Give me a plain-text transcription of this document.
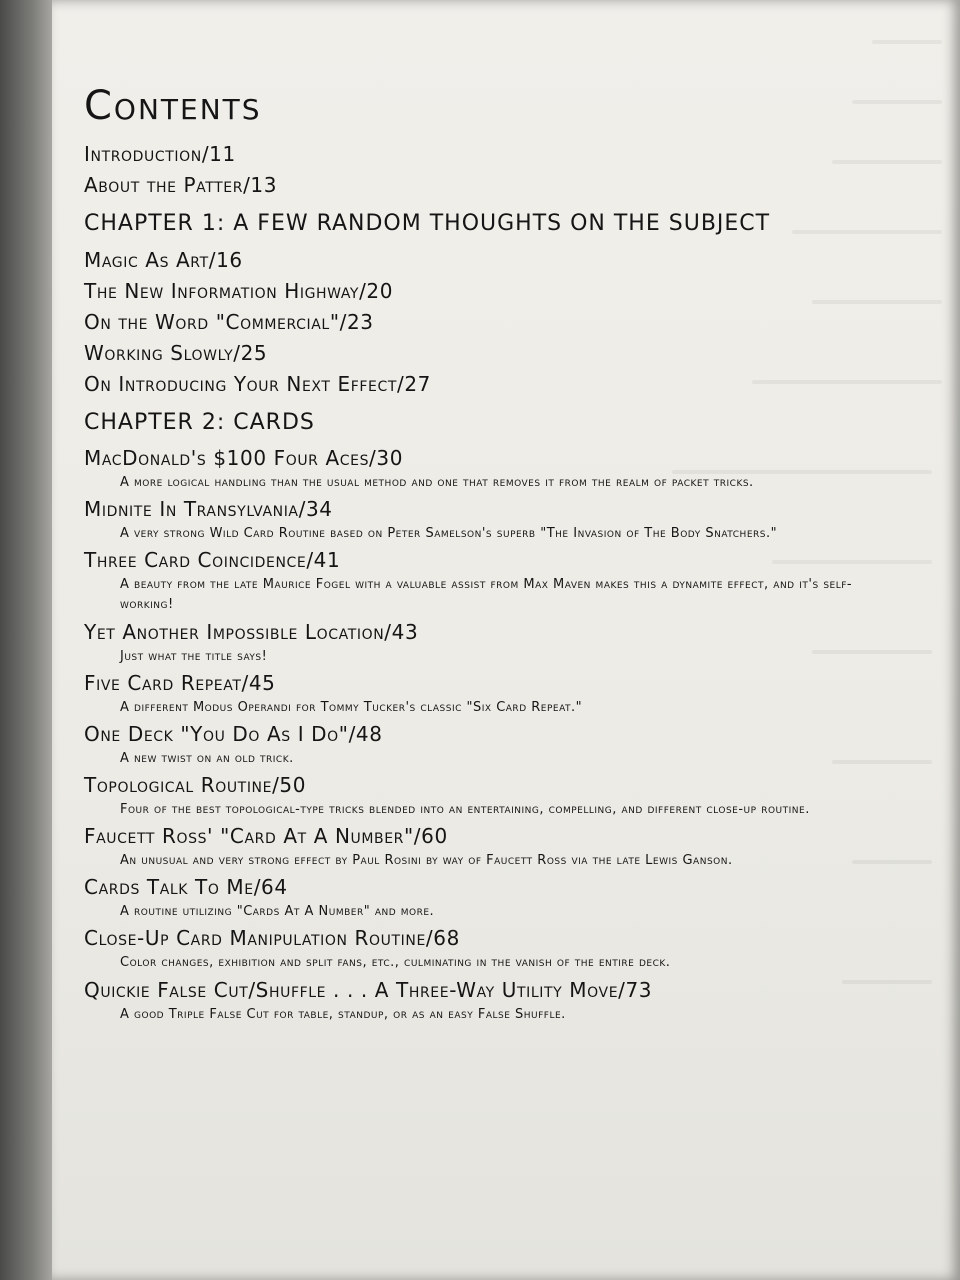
Contents
Introduction/11
About the Patter/13
CHAPTER 1: A FEW RANDOM THOUGHTS ON THE SUBJECT
Magic As Art/16
The New Information Highway/20
On the Word "Commercial"/23
Working Slowly/25
On Introducing Your Next Effect/27
CHAPTER 2: CARDS
MacDonald's $100 Four Aces/30
A more logical handling than the usual method and one that removes it from the realm of packet tricks.
Midnite In Transylvania/34
A very strong Wild Card Routine based on Peter Samelson's superb "The Invasion of The Body Snatchers."
Three Card Coincidence/41
A beauty from the late Maurice Fogel with a valuable assist from Max Maven makes this a dynamite effect, and it's self-working!
Yet Another Impossible Location/43
Just what the title says!
Five Card Repeat/45
A different Modus Operandi for Tommy Tucker's classic "Six Card Repeat."
One Deck "You Do As I Do"/48
A new twist on an old trick.
Topological Routine/50
Four of the best topological-type tricks blended into an entertaining, compelling, and different close-up routine.
Faucett Ross' "Card At A Number"/60
An unusual and very strong effect by Paul Rosini by way of Faucett Ross via the late Lewis Ganson.
Cards Talk To Me/64
A routine utilizing "Cards At A Number" and more.
Close-Up Card Manipulation Routine/68
Color changes, exhibition and split fans, etc., culminating in the vanish of the entire deck.
Quickie False Cut/Shuffle . . . A Three-Way Utility Move/73
A good Triple False Cut for table, standup, or as an easy False Shuffle.
